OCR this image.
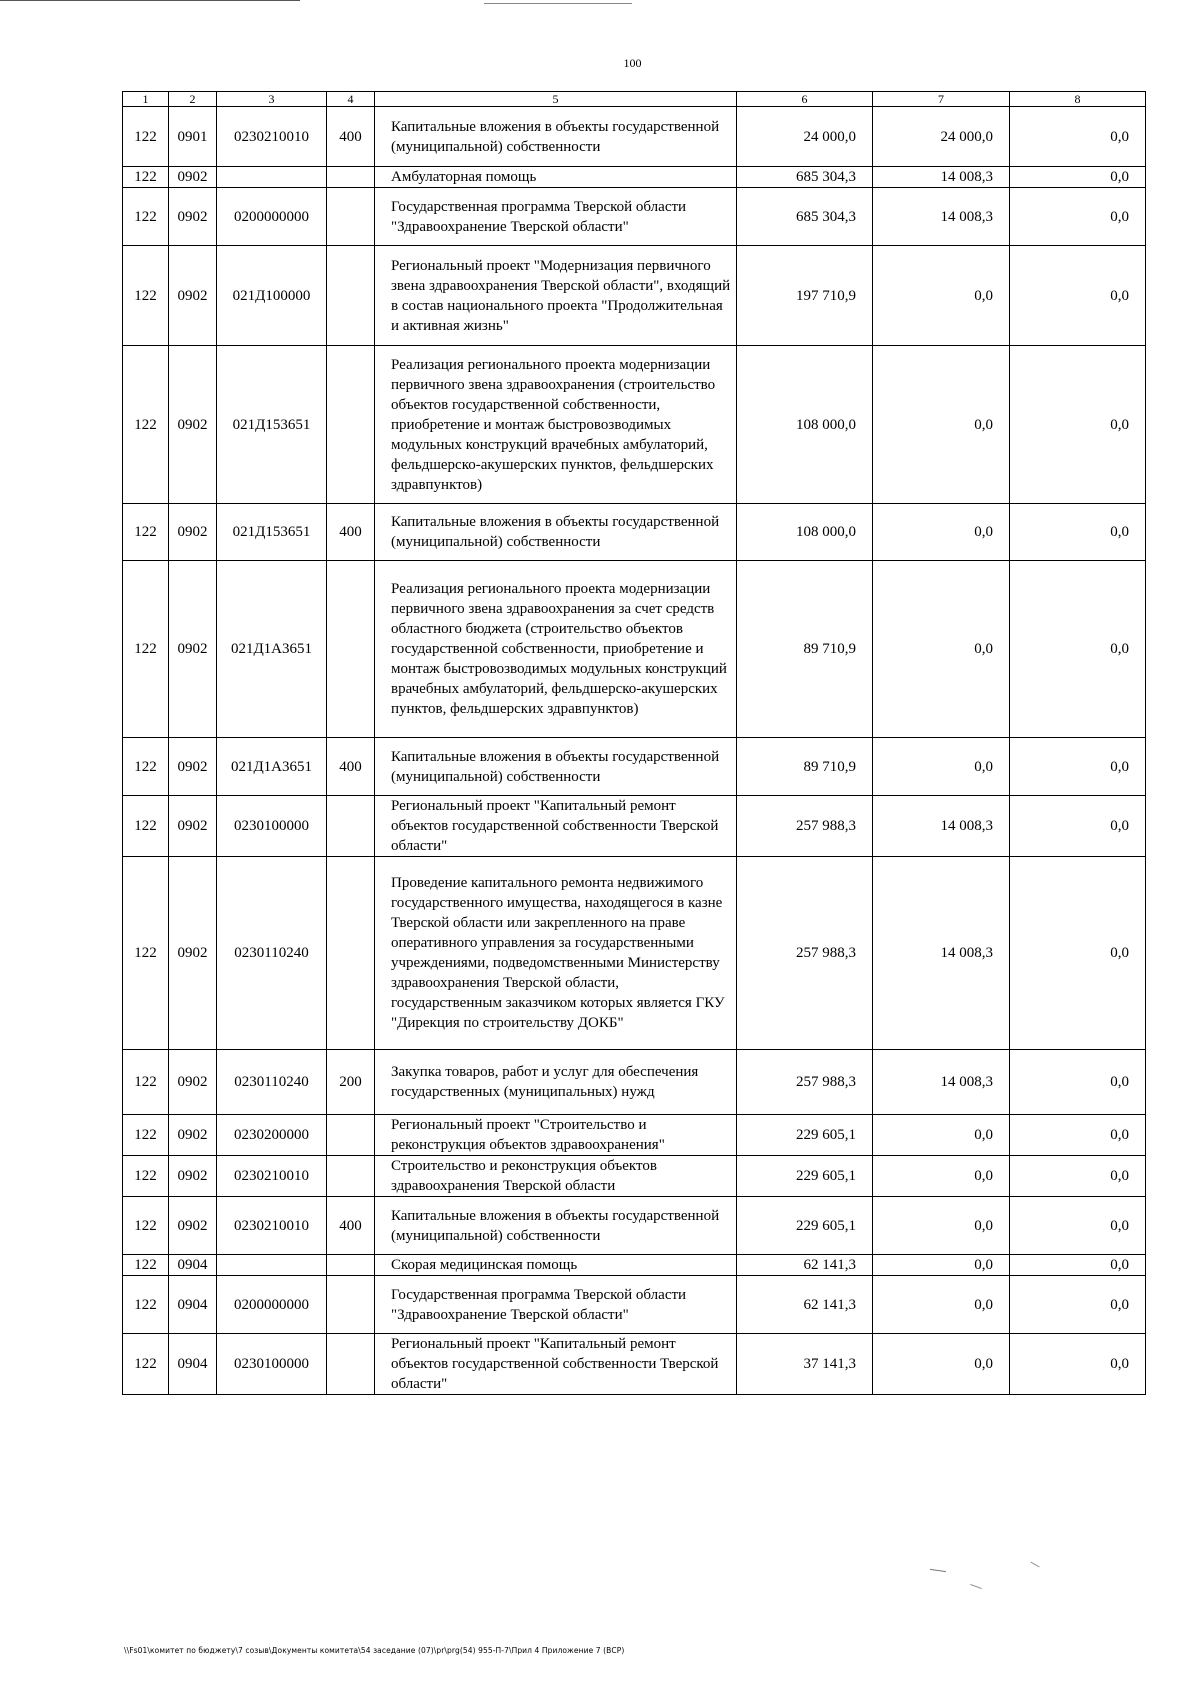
100
1	2	3	4	5	6	7	8
122	0901	0230210010	400	Капитальные вложения в объекты государственной (муниципальной) собственности	24 000,0	24 000,0	0,0
122	0902			Амбулаторная помощь	685 304,3	14 008,3	0,0
122	0902	0200000000		Государственная программа Тверской области "Здравоохранение Тверской области"	685 304,3	14 008,3	0,0
122	0902	021Д100000		Региональный проект "Модернизация первичного звена здравоохранения Тверской области", входящий в состав национального проекта "Продолжительная и активная жизнь"	197 710,9	0,0	0,0
122	0902	021Д153651		Реализация регионального проекта модернизации первичного звена здравоохранения (строительство объектов государственной собственности, приобретение и монтаж быстровозводимых модульных конструкций врачебных амбулаторий, фельдшерско-акушерских пунктов, фельдшерских здравпунктов)	108 000,0	0,0	0,0
122	0902	021Д153651	400	Капитальные вложения в объекты государственной (муниципальной) собственности	108 000,0	0,0	0,0
122	0902	021Д1А3651		Реализация регионального проекта модернизации первичного звена здравоохранения за счет средств областного бюджета (строительство объектов государственной собственности, приобретение и монтаж быстровозводимых модульных конструкций врачебных амбулаторий, фельдшерско-акушерских пунктов, фельдшерских здравпунктов)	89 710,9	0,0	0,0
122	0902	021Д1А3651	400	Капитальные вложения в объекты государственной (муниципальной) собственности	89 710,9	0,0	0,0
122	0902	0230100000		Региональный проект "Капитальный ремонт объектов государственной собственности Тверской области"	257 988,3	14 008,3	0,0
122	0902	0230110240		Проведение капитального ремонта недвижимого государственного имущества, находящегося в казне Тверской области или закрепленного на праве оперативного управления за государственными учреждениями, подведомственными Министерству здравоохранения Тверской области, государственным заказчиком которых является ГКУ "Дирекция по строительству ДОКБ"	257 988,3	14 008,3	0,0
122	0902	0230110240	200	Закупка товаров, работ и услуг для обеспечения государственных (муниципальных) нужд	257 988,3	14 008,3	0,0
122	0902	0230200000		Региональный проект "Строительство и реконструкция объектов здравоохранения"	229 605,1	0,0	0,0
122	0902	0230210010		Строительство и реконструкция объектов здравоохранения Тверской области	229 605,1	0,0	0,0
122	0902	0230210010	400	Капитальные вложения в объекты государственной (муниципальной) собственности	229 605,1	0,0	0,0
122	0904			Скорая медицинская помощь	62 141,3	0,0	0,0
122	0904	0200000000		Государственная программа Тверской области "Здравоохранение Тверской области"	62 141,3	0,0	0,0
122	0904	0230100000		Региональный проект "Капитальный ремонт объектов государственной собственности Тверской области"	37 141,3	0,0	0,0
\\Fs01\комитет по бюджету\7 созыв\Документы комитета\54 заседание (07)\pr\prg(54) 955-П-7\Прил 4 Приложение 7 (ВСР)
